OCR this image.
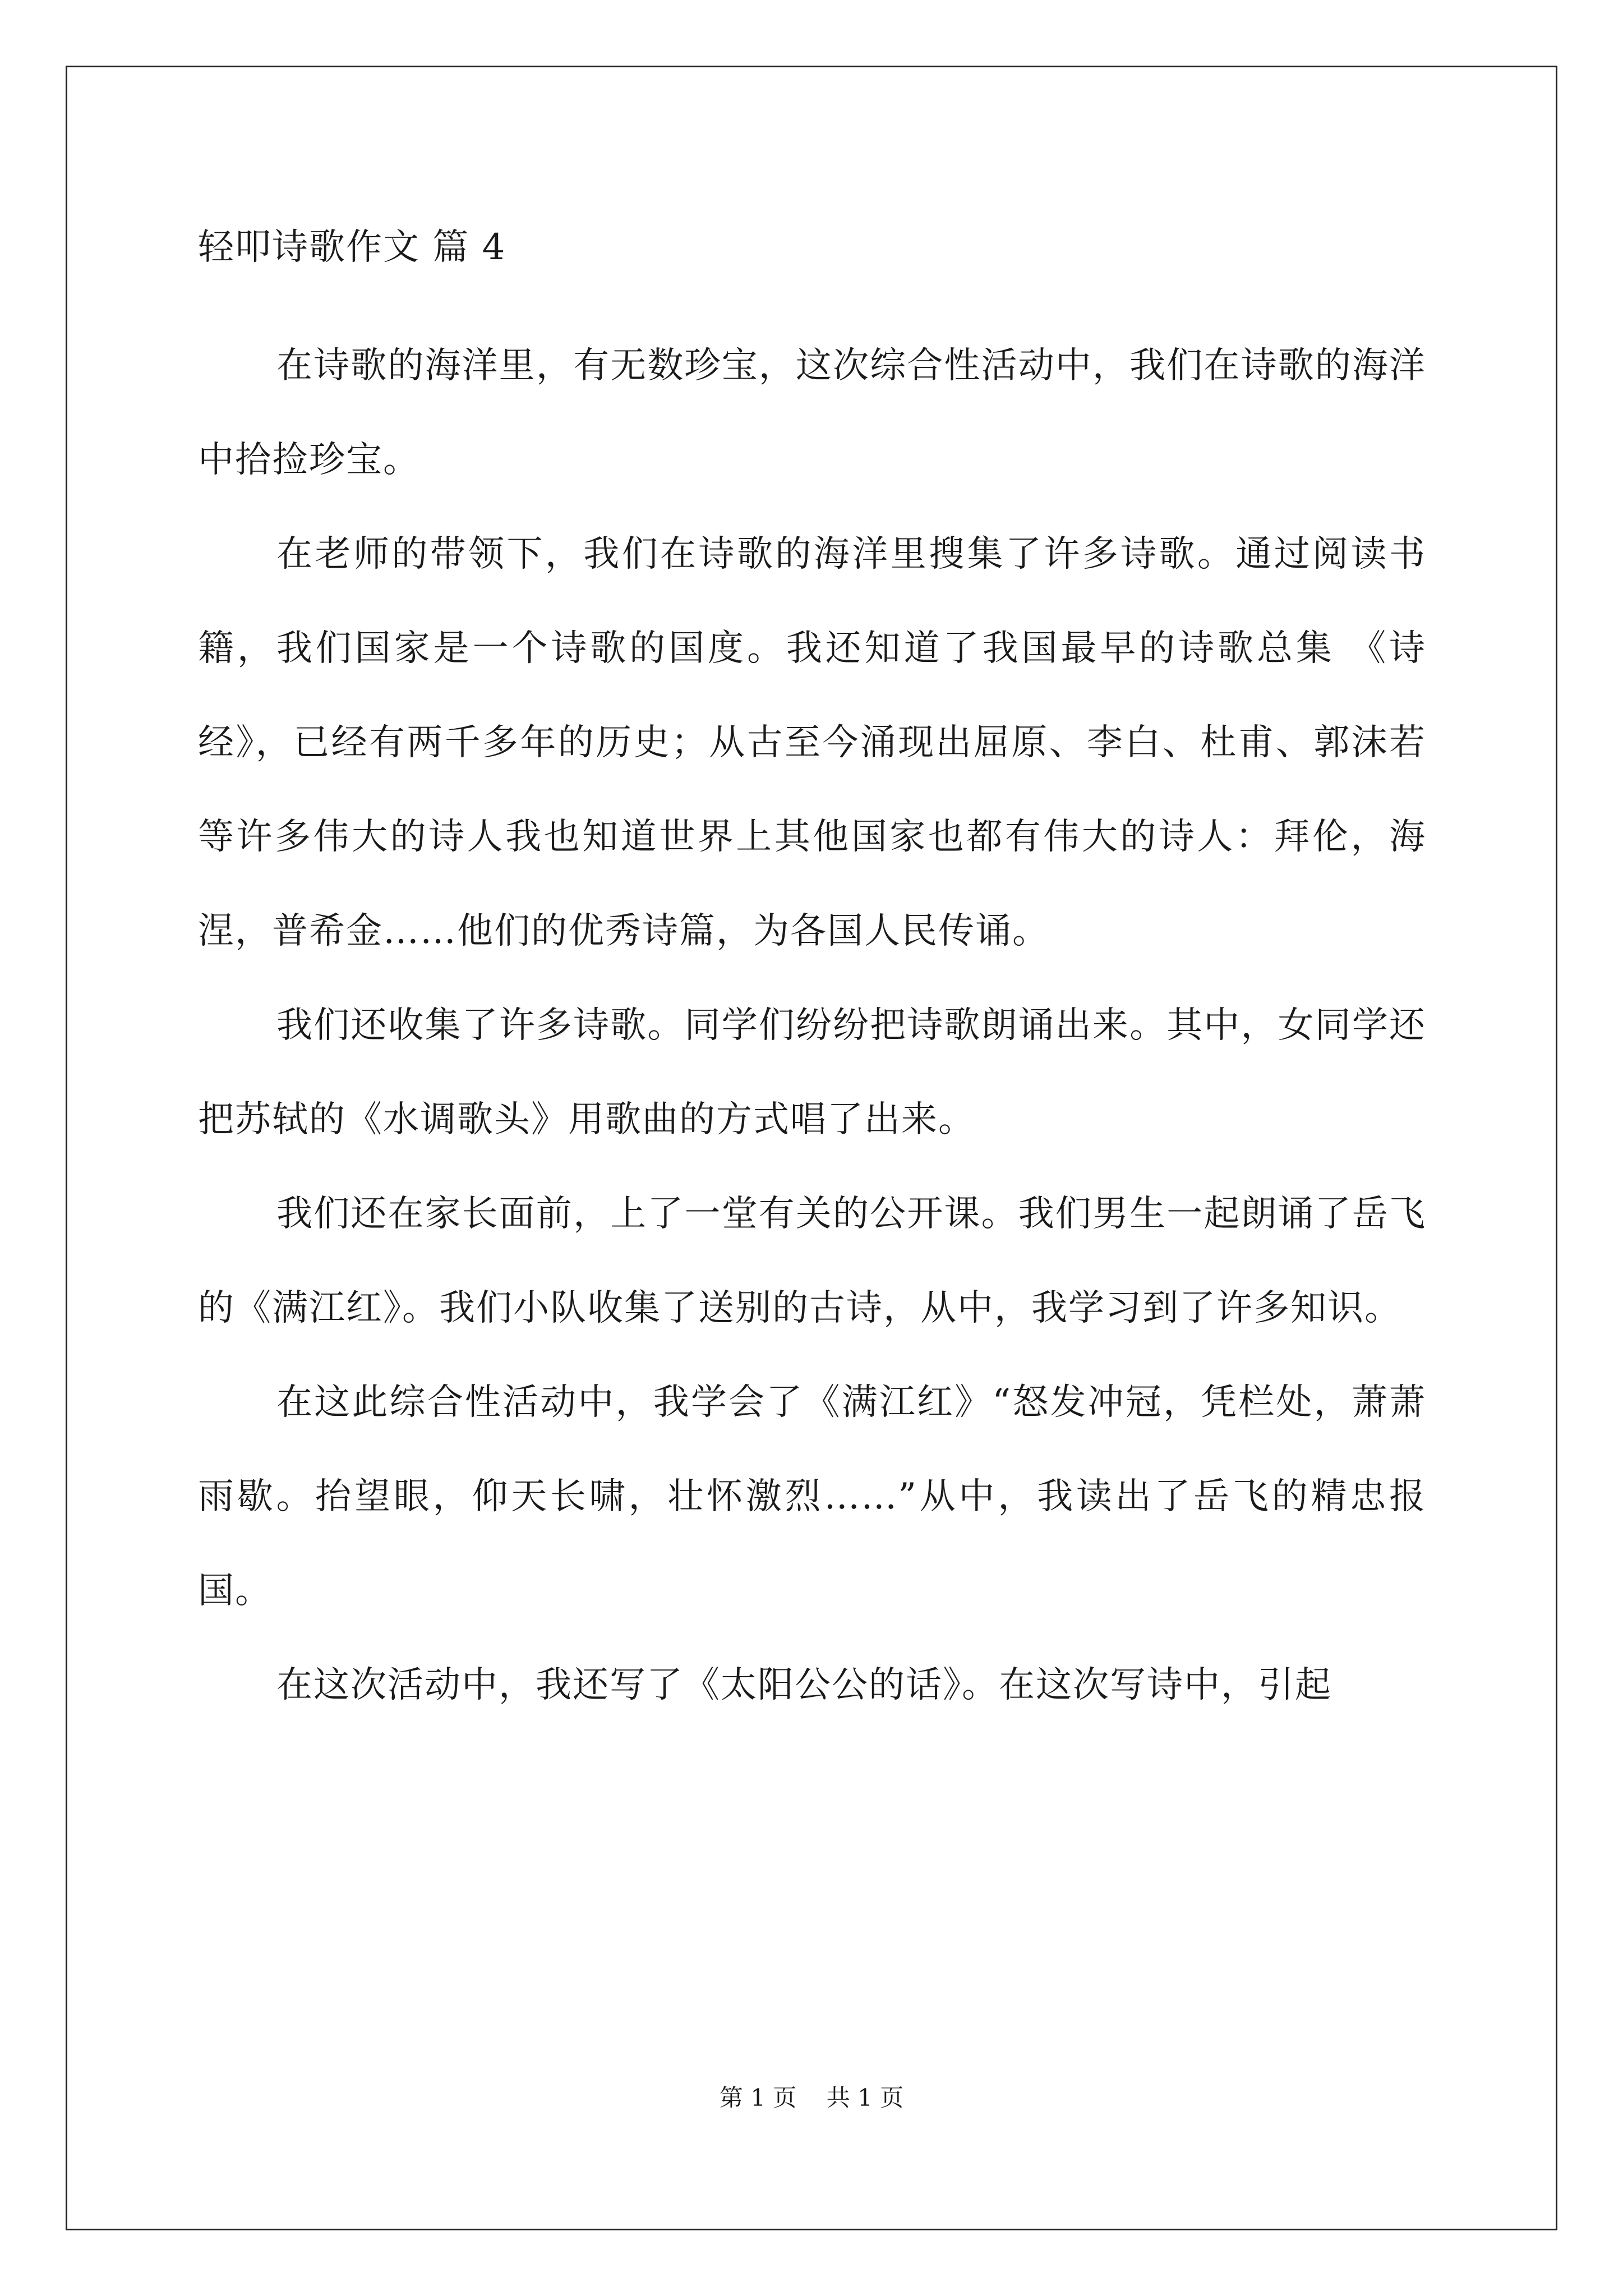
轻叩诗歌作文 篇 4

在诗歌的海洋里，有无数珍宝，这次综合性活动中，我们在诗歌的海洋中拾捡珍宝。

在老师的带领下，我们在诗歌的海洋里搜集了许多诗歌。通过阅读书籍，我们国家是一个诗歌的国度。我还知道了我国最早的诗歌总集 《诗经》，已经有两千多年的历史；从古至今涌现出屈原、李白、杜甫、郭沫若等许多伟大的诗人我也知道世界上其他国家也都有伟大的诗人：拜伦，海涅，普希金……他们的优秀诗篇，为各国人民传诵。

我们还收集了许多诗歌。同学们纷纷把诗歌朗诵出来。其中，女同学还把苏轼的《水调歌头》用歌曲的方式唱了出来。

我们还在家长面前，上了一堂有关的公开课。我们男生一起朗诵了岳飞的《满江红》。我们小队收集了送别的古诗，从中，我学习到了许多知识。

在这此综合性活动中，我学会了《满江红》“怒发冲冠，凭栏处，萧萧雨歇。抬望眼，仰天长啸，壮怀激烈……”从中，我读出了岳飞的精忠报国。

在这次活动中，我还写了《太阳公公的话》。在这次写诗中，引起

第 1 页    共 1 页
